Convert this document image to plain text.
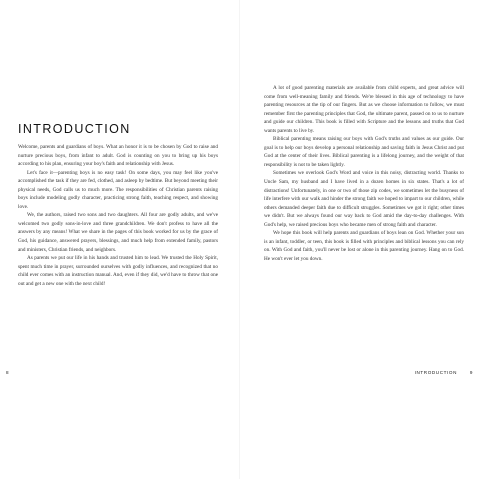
INTRODUCTION

Welcome, parents and guardians of boys. What an honor it is to be chosen by God to raise and nurture precious boys, from infant to adult. God is counting on you to bring up his boys according to his plan, ensuring your boy's faith and relationship with Jesus.

Let's face it—parenting boys is no easy task! On some days, you may feel like you've accomplished the task if they are fed, clothed, and asleep by bedtime. But beyond meeting their physical needs, God calls us to much more. The responsibilities of Christian parents raising boys include modeling godly character, practicing strong faith, teaching respect, and showing love.

We, the authors, raised two sons and two daughters. All four are godly adults, and we've welcomed two godly sons-in-love and three grandchildren. We don't profess to have all the answers by any means! What we share in the pages of this book worked for us by the grace of God, his guidance, answered prayers, blessings, and much help from extended family, pastors and ministers, Christian friends, and neighbors.

As parents we put our life in his hands and trusted him to lead. We trusted the Holy Spirit, spent much time in prayer, surrounded ourselves with godly influences, and recognized that no child ever comes with an instruction manual. And, even if they did, we'd have to throw that one out and get a new one with the next child!

8

A lot of good parenting materials are available from child experts, and great advice will come from well-meaning family and friends. We're blessed in this age of technology to have parenting resources at the tip of our fingers. But as we choose information to follow, we must remember first the parenting principles that God, the ultimate parent, passed on to us to nurture and guide our children. This book is filled with Scripture and the lessons and truths that God wants parents to live by.

Biblical parenting means raising our boys with God's truths and values as our guide. Our goal is to help our boys develop a personal relationship and saving faith in Jesus Christ and put God at the center of their lives. Biblical parenting is a lifelong journey, and the weight of that responsibility is not to be taken lightly.

Sometimes we overlook God's Word and voice in this noisy, distracting world. Thanks to Uncle Sam, my husband and I have lived in a dozen homes in six states. That's a lot of distractions! Unfortunately, in one or two of those zip codes, we sometimes let the busyness of life interfere with our walk and hinder the strong faith we hoped to impart to our children, while others demanded deeper faith due to difficult struggles. Sometimes we got it right; other times we didn't. But we always found our way back to God amid the day-to-day challenges. With God's help, we raised precious boys who became men of strong faith and character.

We hope this book will help parents and guardians of boys lean on God. Whether your son is an infant, toddler, or teen, this book is filled with principles and biblical lessons you can rely on. With God and faith, you'll never be lost or alone in this parenting journey. Hang on to God. He won't ever let you down.

INTRODUCTION	9
